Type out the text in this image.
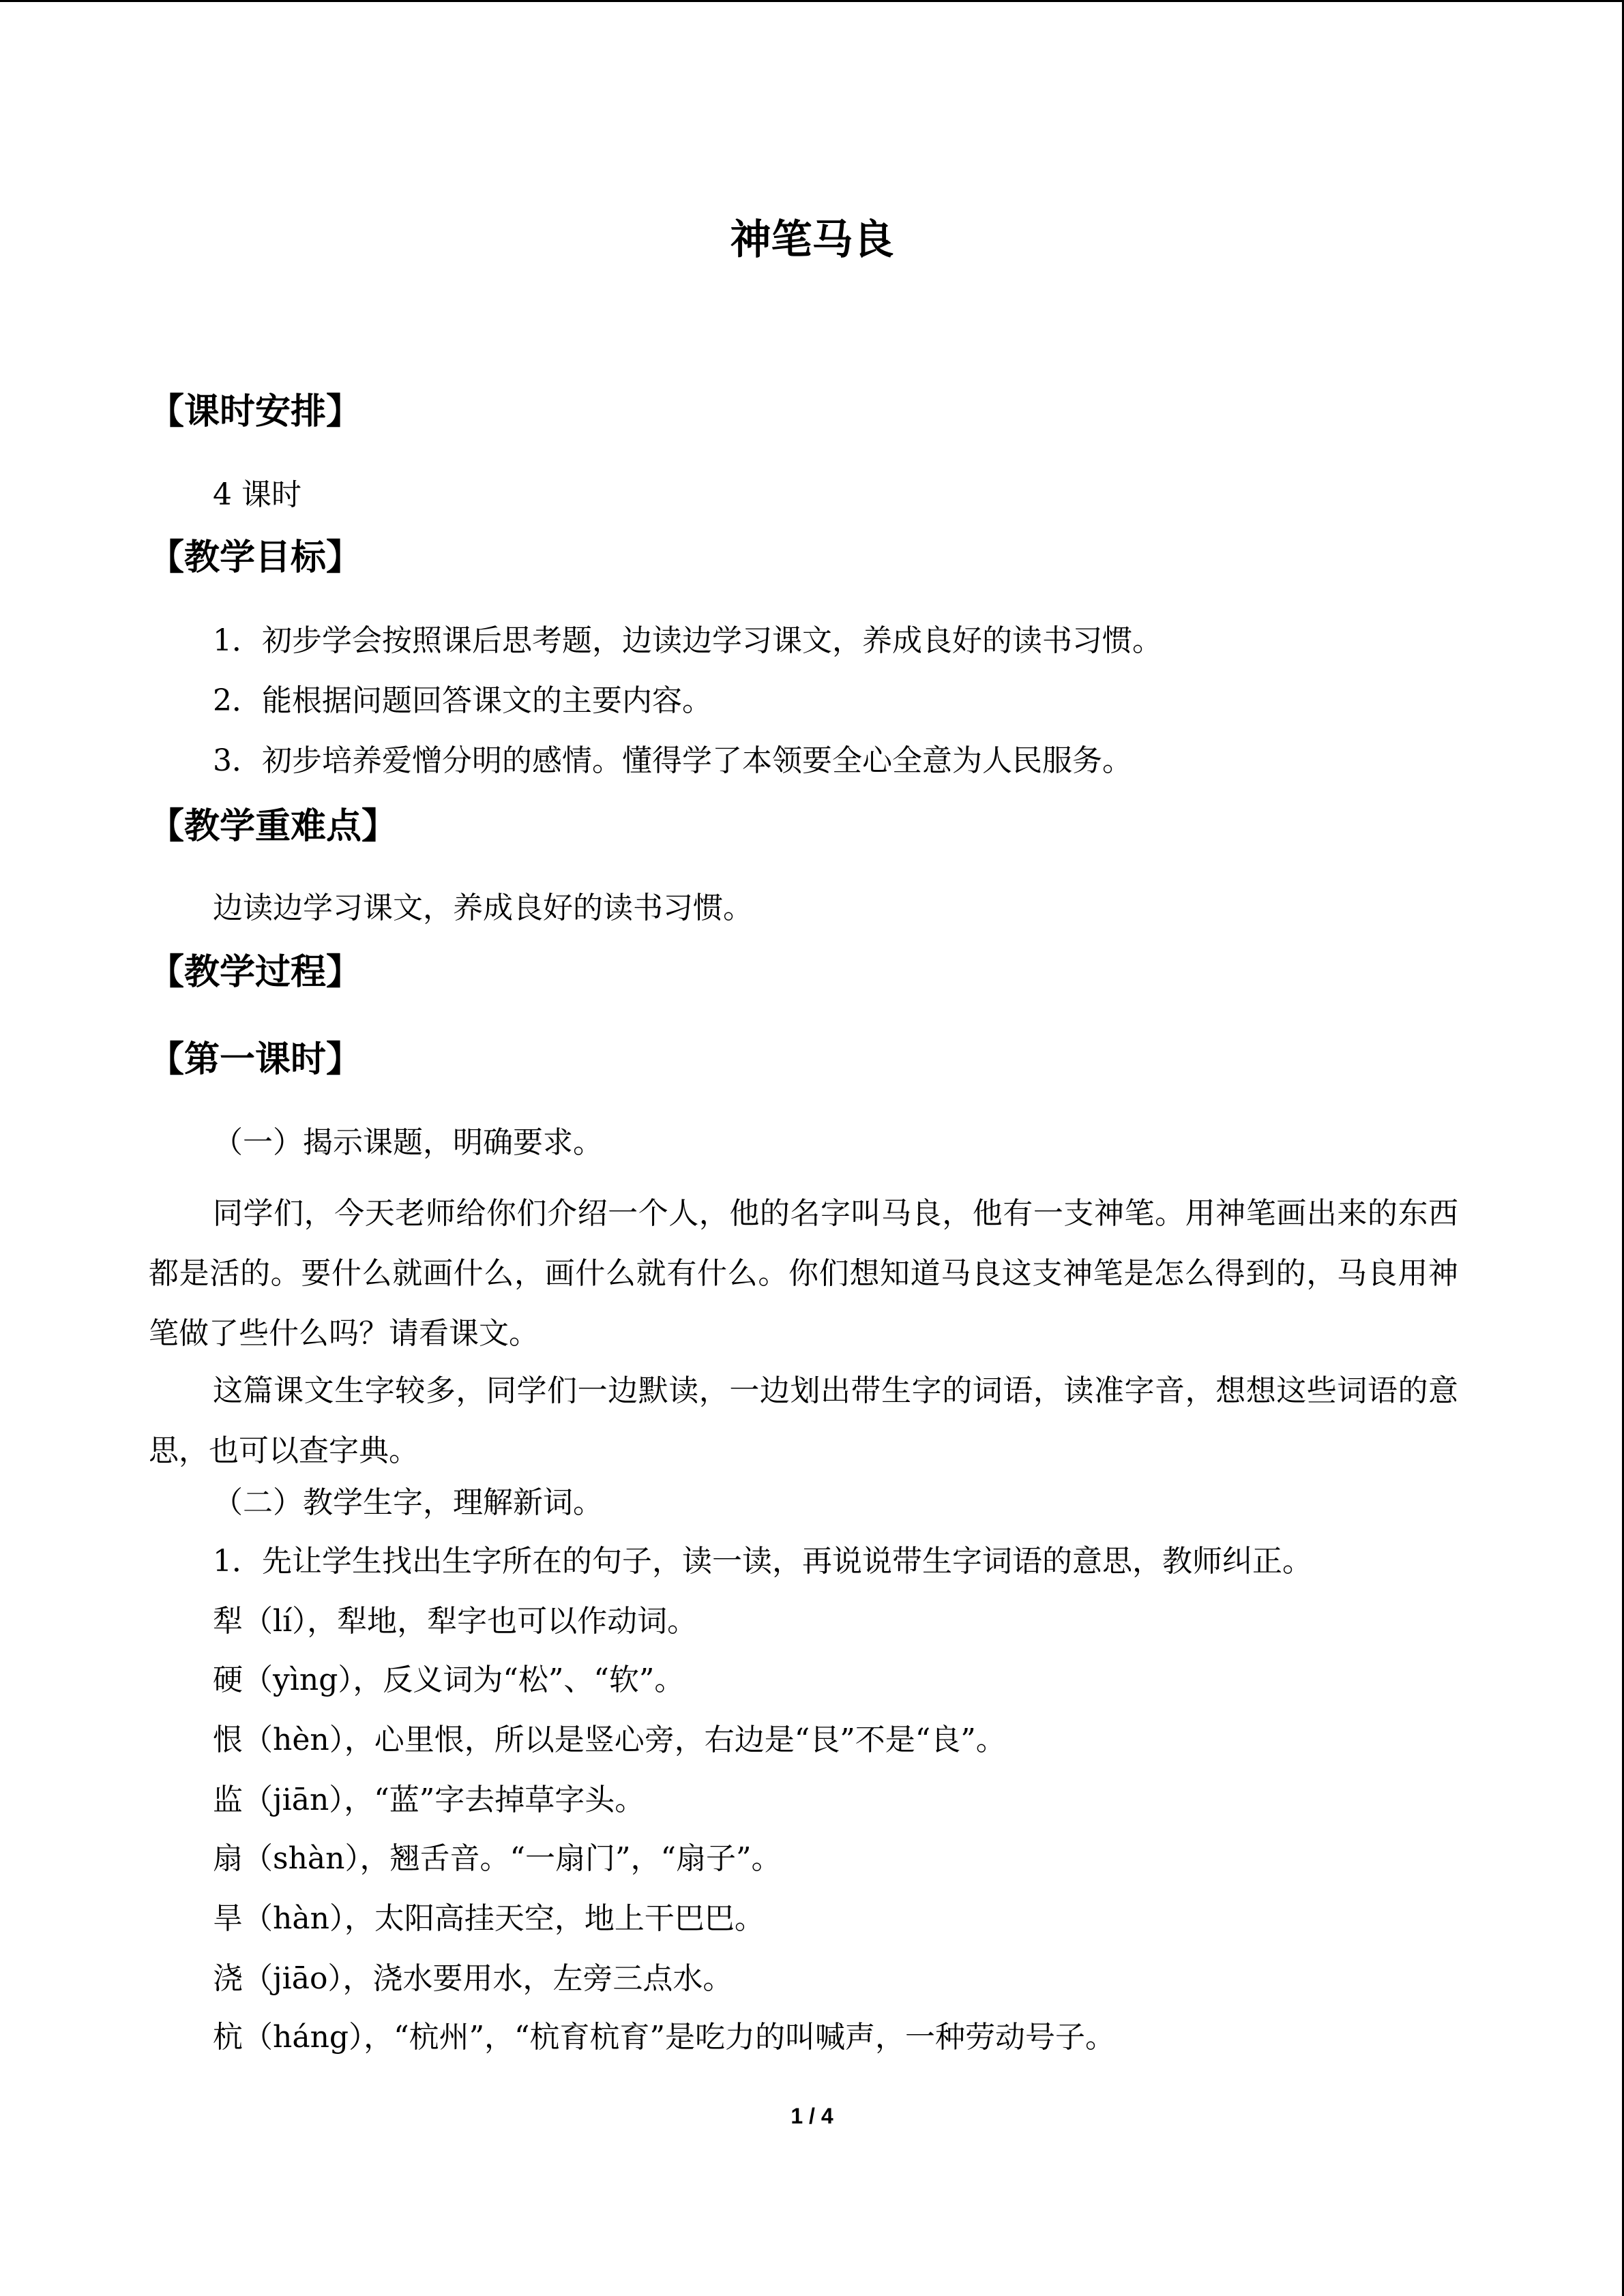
神笔马良
【课时安排】
4 课时
【教学目标】
1．初步学会按照课后思考题，边读边学习课文，养成良好的读书习惯。
2．能根据问题回答课文的主要内容。
3．初步培养爱憎分明的感情。懂得学了本领要全心全意为人民服务。
【教学重难点】
边读边学习课文，养成良好的读书习惯。
【教学过程】
【第一课时】
（一）揭示课题，明确要求。

同学们，今天老师给你们介绍一个人，他的名字叫马良，他有一支神笔。用神笔画出来的东西都是活的。要什么就画什么，画什么就有什么。你们想知道马良这支神笔是怎么得到的，马良用神笔做了些什么吗？请看课文。

这篇课文生字较多，同学们一边默读，一边划出带生字的词语，读准字音，想想这些词语的意思，也可以查字典。

（二）教学生字，理解新词。
1．先让学生找出生字所在的句子，读一读，再说说带生字词语的意思，教师纠正。
犁（lí），犁地，犁字也可以作动词。
硬（yìng），反义词为“松”、“软”。
恨（hèn），心里恨，所以是竖心旁，右边是“艮”不是“良”。
监（jiān），“蓝”字去掉草字头。
扇（shàn），翘舌音。“一扇门”，“扇子”。
旱（hàn），太阳高挂天空，地上干巴巴。
浇（jiāo），浇水要用水，左旁三点水。
杭（háng），“杭州”，“杭育杭育”是吃力的叫喊声，一种劳动号子。
1 / 4
